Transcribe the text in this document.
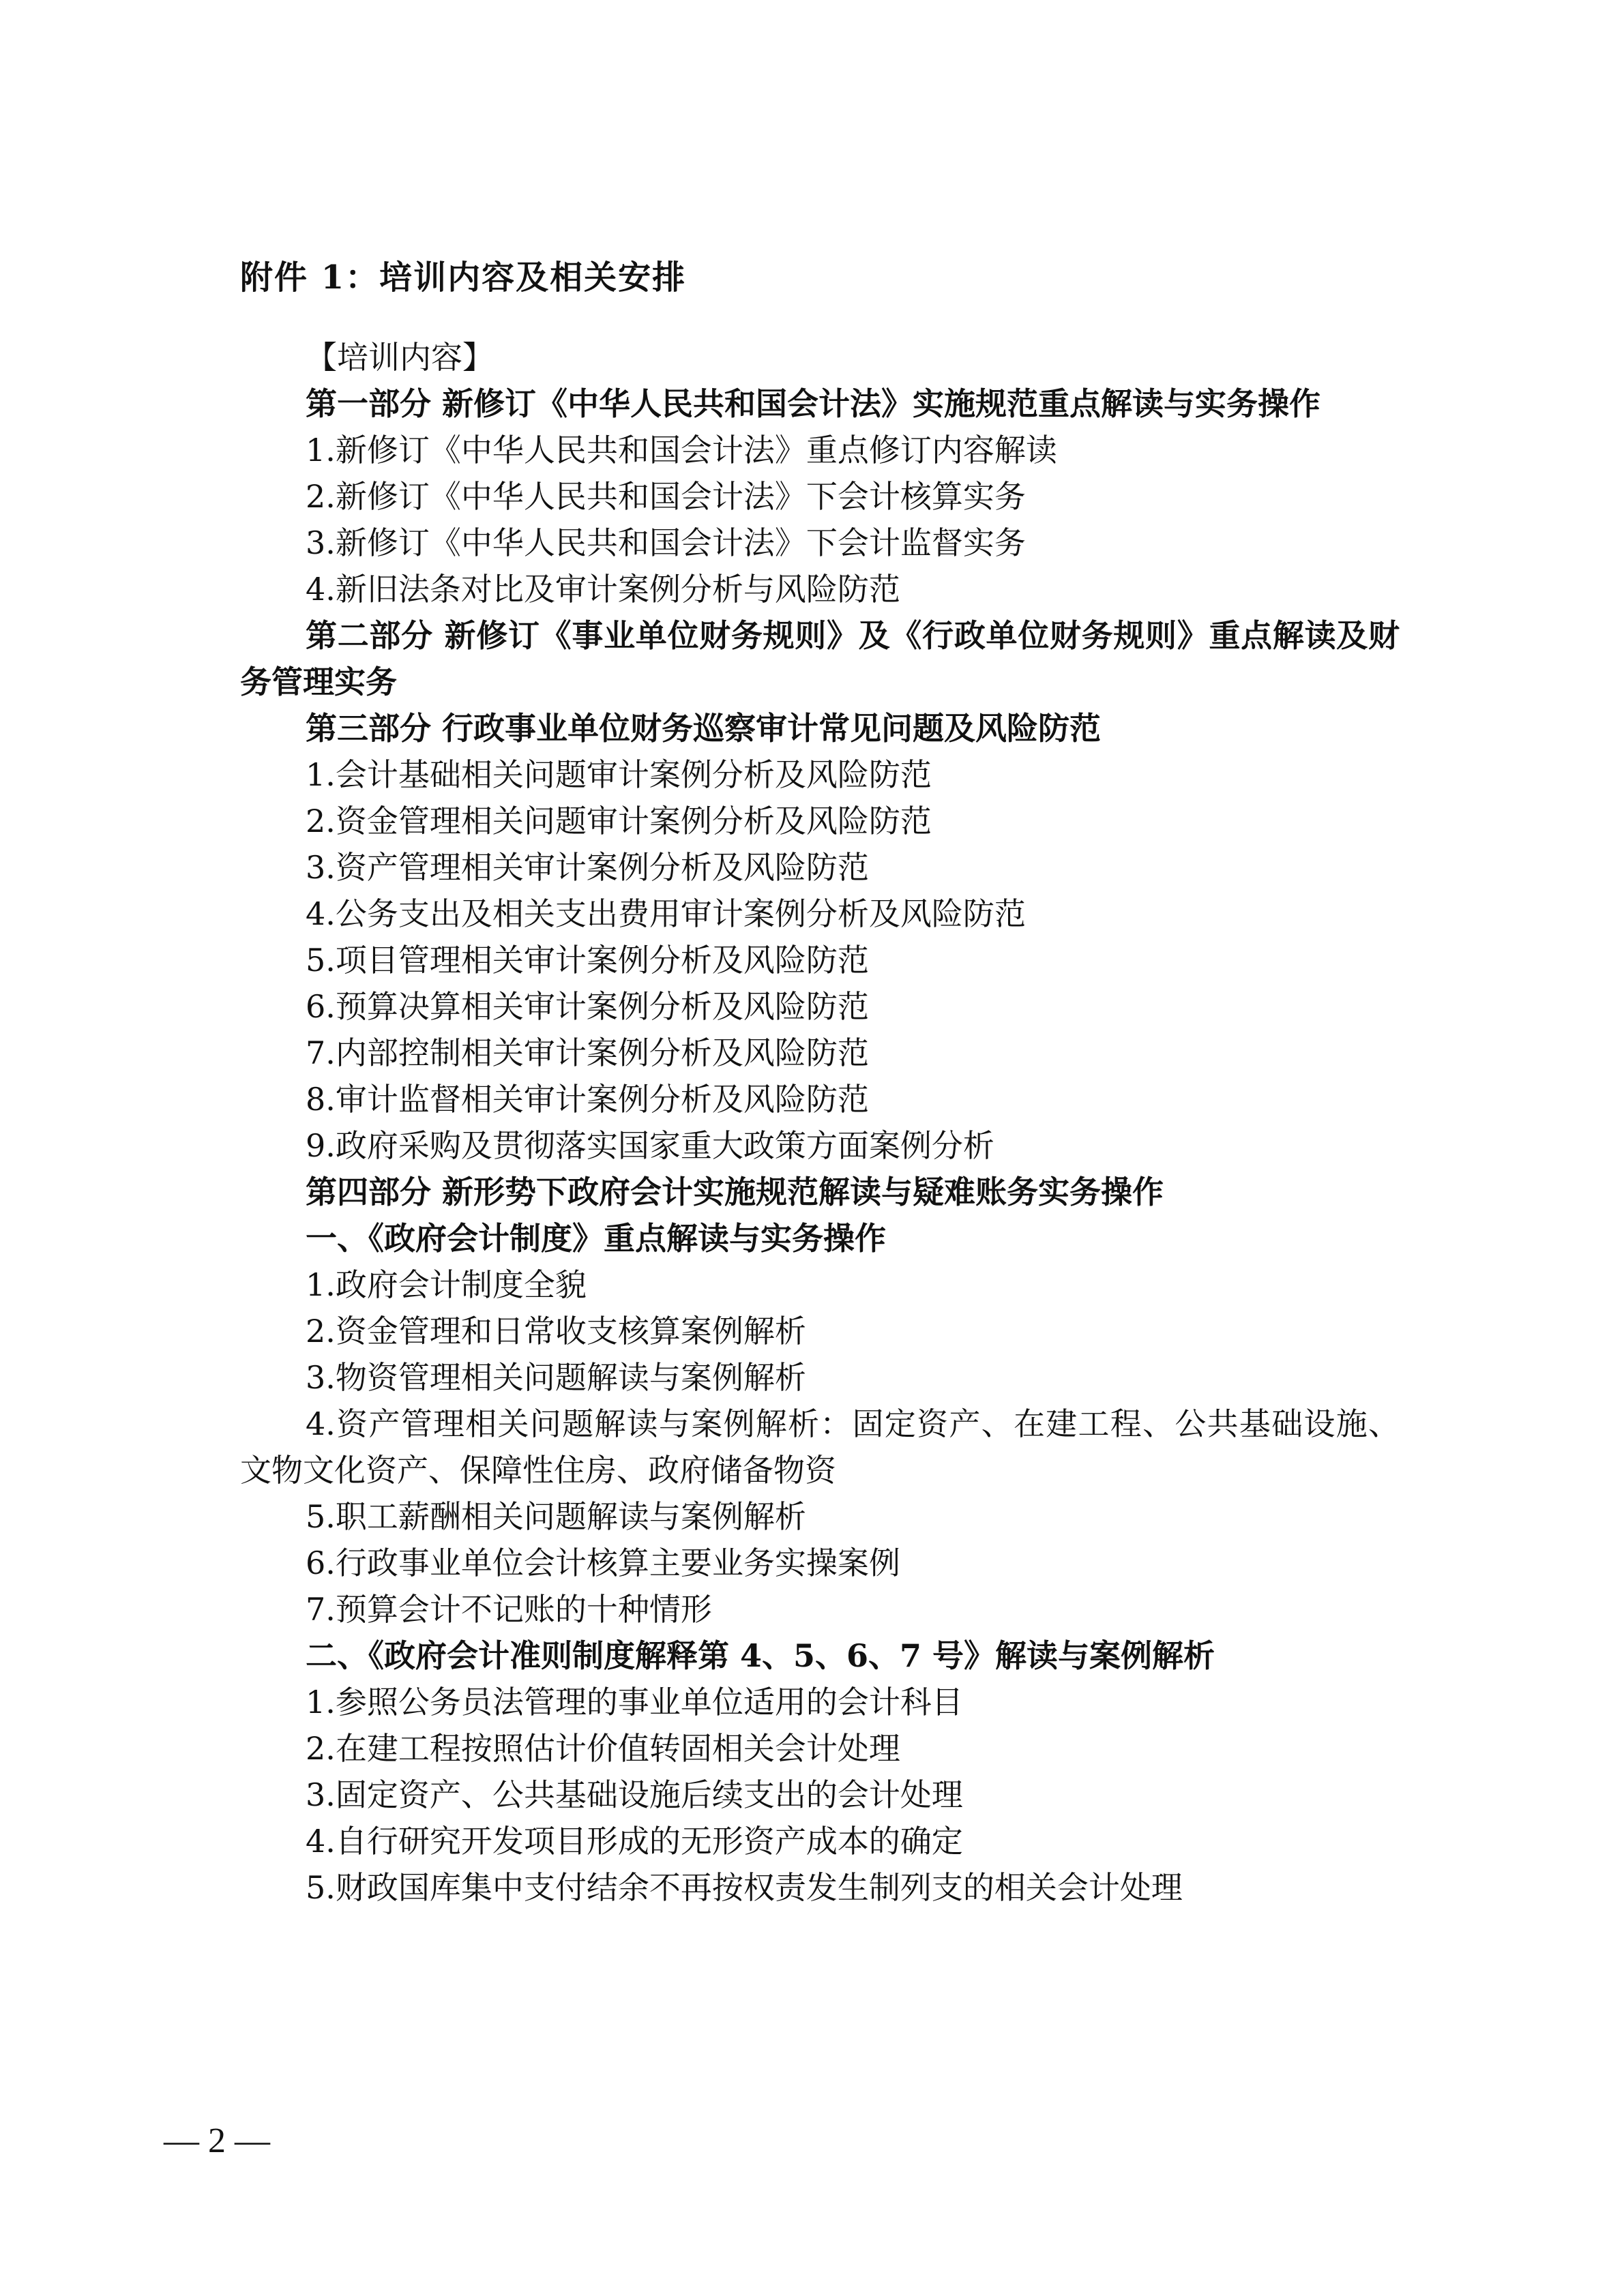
附件 1：培训内容及相关安排
【培训内容】
第一部分 新修订《中华人民共和国会计法》实施规范重点解读与实务操作
1.新修订《中华人民共和国会计法》重点修订内容解读
2.新修订《中华人民共和国会计法》下会计核算实务
3.新修订《中华人民共和国会计法》下会计监督实务
4.新旧法条对比及审计案例分析与风险防范
第二部分 新修订《事业单位财务规则》及《行政单位财务规则》重点解读及财务管理实务
第三部分 行政事业单位财务巡察审计常见问题及风险防范
1.会计基础相关问题审计案例分析及风险防范
2.资金管理相关问题审计案例分析及风险防范
3.资产管理相关审计案例分析及风险防范
4.公务支出及相关支出费用审计案例分析及风险防范
5.项目管理相关审计案例分析及风险防范
6.预算决算相关审计案例分析及风险防范
7.内部控制相关审计案例分析及风险防范
8.审计监督相关审计案例分析及风险防范
9.政府采购及贯彻落实国家重大政策方面案例分析
第四部分 新形势下政府会计实施规范解读与疑难账务实务操作
一、《政府会计制度》重点解读与实务操作
1.政府会计制度全貌
2.资金管理和日常收支核算案例解析
3.物资管理相关问题解读与案例解析
4.资产管理相关问题解读与案例解析：固定资产、在建工程、公共基础设施、文物文化资产、保障性住房、政府储备物资
5.职工薪酬相关问题解读与案例解析
6.行政事业单位会计核算主要业务实操案例
7.预算会计不记账的十种情形
二、《政府会计准则制度解释第 4、5、6、7 号》解读与案例解析
1.参照公务员法管理的事业单位适用的会计科目
2.在建工程按照估计价值转固相关会计处理
3.固定资产、公共基础设施后续支出的会计处理
4.自行研究开发项目形成的无形资产成本的确定
5.财政国库集中支付结余不再按权责发生制列支的相关会计处理
— 2 —
